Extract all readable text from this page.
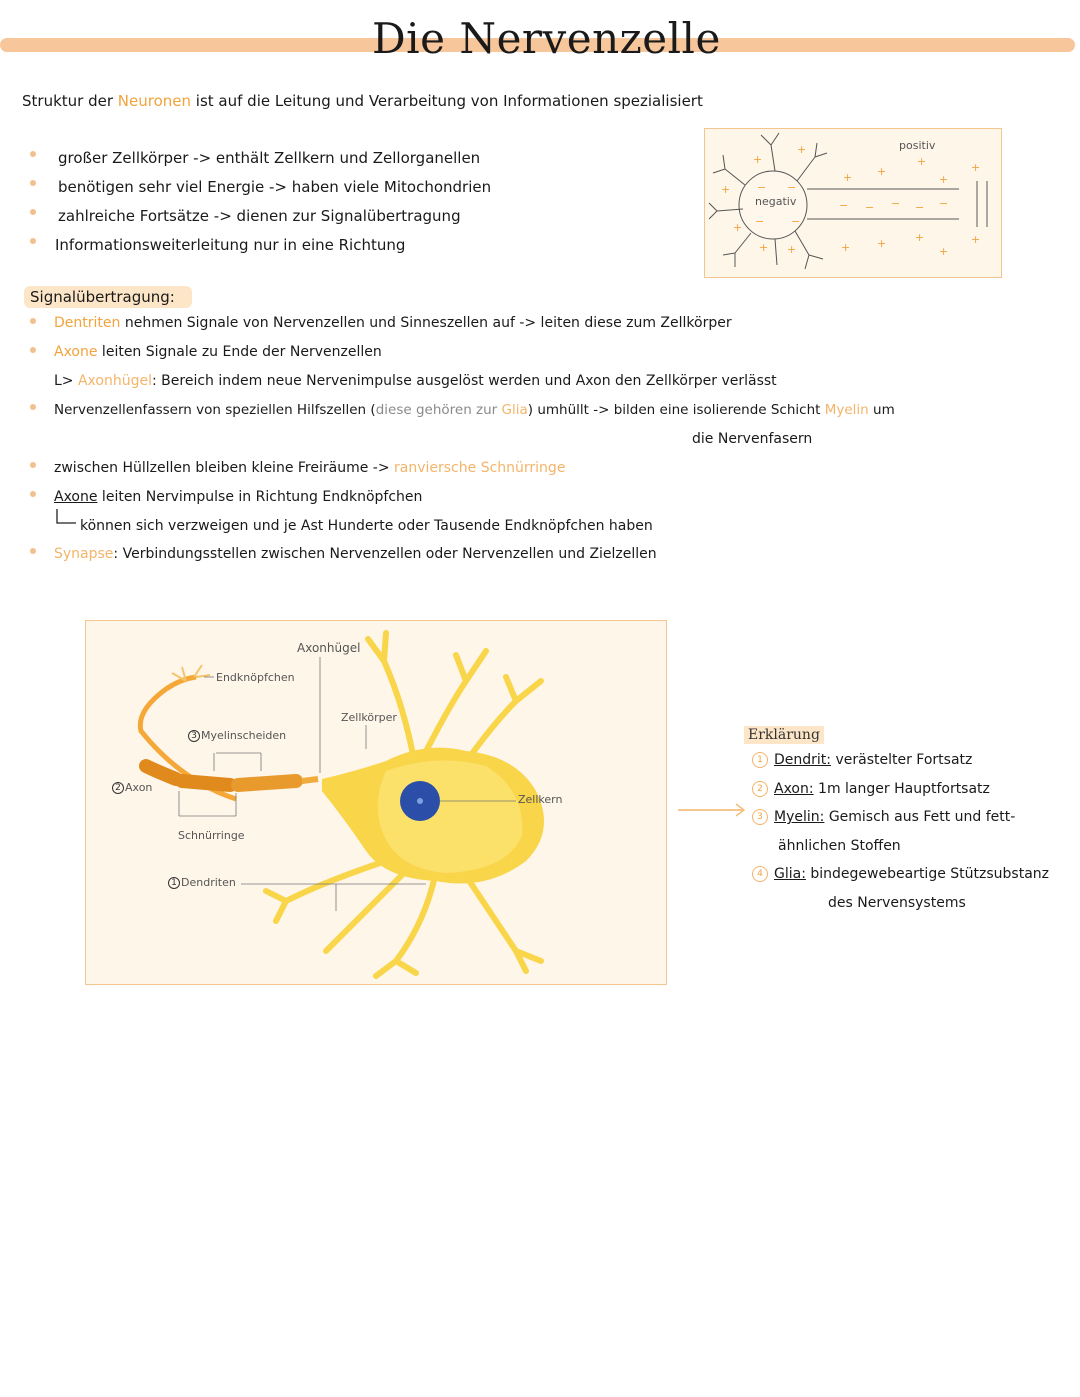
Die Nervenzelle
Struktur der Neuronen ist auf die Leitung und Verarbeitung von Informationen spezialisiert
großer Zellkörper -> enthält Zellkern und Zellorganellen
benötigen sehr viel Energie -> haben viele Mitochondrien
zahlreiche Fortsätze -> dienen zur Signalübertragung
Informationsweiterleitung nur in eine Richtung
+
+
+
+
+ +
+ +
+
+
+
+ +	+
+
+
− −
−
−
− − − − −
negativ
positiv
Signalübertragung:
Dentriten nehmen Signale von Nervenzellen und Sinneszellen auf -> leiten diese zum Zellkörper
Axone leiten Signale zu Ende der Nervenzellen
L> Axonhügel: Bereich indem neue Nervenimpulse ausgelöst werden und Axon den Zellkörper verlässt
Nervenzellenfassern von speziellen Hilfszellen (diese gehören zur Glia) umhüllt -> bilden eine isolierende Schicht Myelin um
die Nervenfasern
zwischen Hüllzellen bleiben kleine Freiräume -> ranviersche Schnürringe
Axone leiten Nervimpulse in Richtung Endknöpfchen
können sich verzweigen und je Ast Hunderte oder Tausende Endknöpfchen haben
Synapse: Verbindungsstellen zwischen Nervenzellen oder Nervenzellen und Zielzellen
Axonhügel
Endknöpfchen
3 Myelinscheiden
Zellkörper
2 Axon
Zellkern
Schnürringe
1 Dendriten
Erklärung
1 Dendrit: verästelter Fortsatz
2 Axon: 1m langer Hauptfortsatz
3 Myelin: Gemisch aus Fett und fett-
ähnlichen Stoffen
4 Glia: bindegewebeartige Stützsubstanz
des Nervensystems
